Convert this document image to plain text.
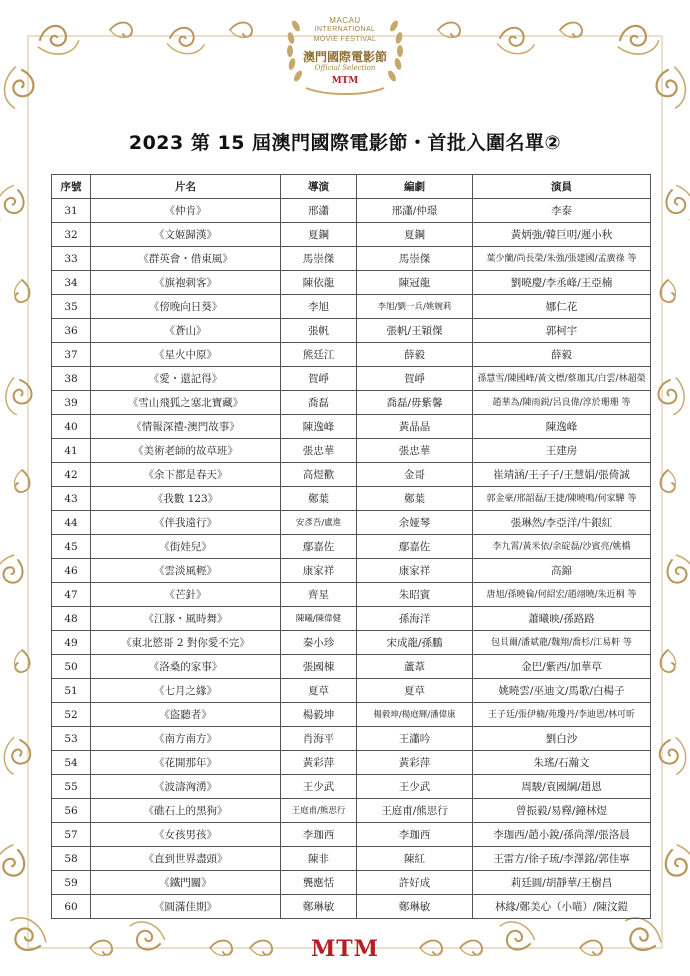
MACAU
INTERNATIONAL
MOVIE FESTIVAL
澳門國際電影節
Official Selection
MTM
2023 第 15 屆澳門國際電影節・首批入圍名單②
序號	片名	導演	編劇	演員
31	《仲肯》	邢瀟	邢瀟/仲璟	李泰
32	《文姬歸漢》	夏鋼	夏鋼	黃炳強/韓巨明/遲小秋
33	《群英會・借東風》	馬崇傑	馬崇傑	葉少蘭/尚長榮/朱強/張建國/孟廣祿 等
34	《旗袍刺客》	陳依龍	陳冠龍	劉曉慶/李丞峰/王亞楠
35	《傍晚向日葵》	李旭	李旭/劉一兵/姚婉莉	娜仁花
36	《蒼山》	張帆	張帆/王穎傑	郭柯宇
37	《星火中原》	熊廷江	薛毅	薛毅
38	《愛・還記得》	賀崢	賀崢	孫慧雪/陳國峰/黃文標/蔡珈其/白雲/林超榮
39	《雪山飛狐之塞北寶藏》	喬磊	喬磊/毋紫馨	趙華為/陳雨鋭/呂良偉/淳於珊珊 等
40	《情報深禮-澳門故事》	陳逸峰	黃晶晶	陳逸峰
41	《美術老師的故草班》	張忠華	張忠華	王建房
42	《余下都是春天》	高煜歡	金哥	崔靖涵/王子子/王慧娟/張倚誠
43	《我數 123》	鄭葉	鄭葉	郭金豪/邢韶磊/王捷/陳曉鳴/何家驊 等
44	《伴我遠行》	安彥吾/盧進	余娅琴	張琳然/李亞洋/牛銀紅
45	《街娃兒》	鄢嘉佐	鄢嘉佐	李九霄/黃米依/余碇磊/沙賓亮/姚橋
46	《雲淡風輕》	康家祥	康家祥	高錦
47	《芒針》	齊星	朱昭賓	唐旭/孫曉倫/何紹宏/趙翊曉/朱近桐 等
48	《江豚・風時舞》	陳曦/陳偉健	孫海洋	蕭曦映/孫路路
49	《東北慾哥 2 對你愛不完》	秦小珍	宋成龍/孫鵬	包貝爾/潘斌龍/魏翔/喬杉/江易軒 等
50	《洛桑的家事》	張國棟	蘆葦	金巴/紫西/加華草
51	《七月之緣》	夏草	夏草	姚曉雲/巫迪文/馬歌/白楊子
52	《盜聽者》	楊毅坤	楊毅坤/楊庭輝/潘偉康	王子廷/張伊楠/苑瓊丹/李迪恩/林可昕
53	《南方南方》	肖海平	王瀟吟	劉白沙
54	《花開那年》	黃彩萍	黃彩萍	朱瑤/石瀚文
55	《波濤洶湧》	王少武	王少武	周駿/袁國綱/趙恩
56	《礁石上的黑狗》	王庭甫/熊思行	王庭甫/熊思行	曾振毅/易釋/鐘林煜
57	《女孩男孩》	李珈西	李珈西	李珈西/趙小銳/孫尚澤/張洛晨
58	《直到世界盡頭》	陳非	陳紅	王雷方/徐子琉/李澤銘/郭佳寧
59	《鐵門關》	龔應恬	許好成	莉廷圓/胡靜華/王樹昌
60	《圓滿佳期》	鄭琳敏	鄭琳敏	林緣/鄭美心（小喵）/陳汶鎧
MTM
